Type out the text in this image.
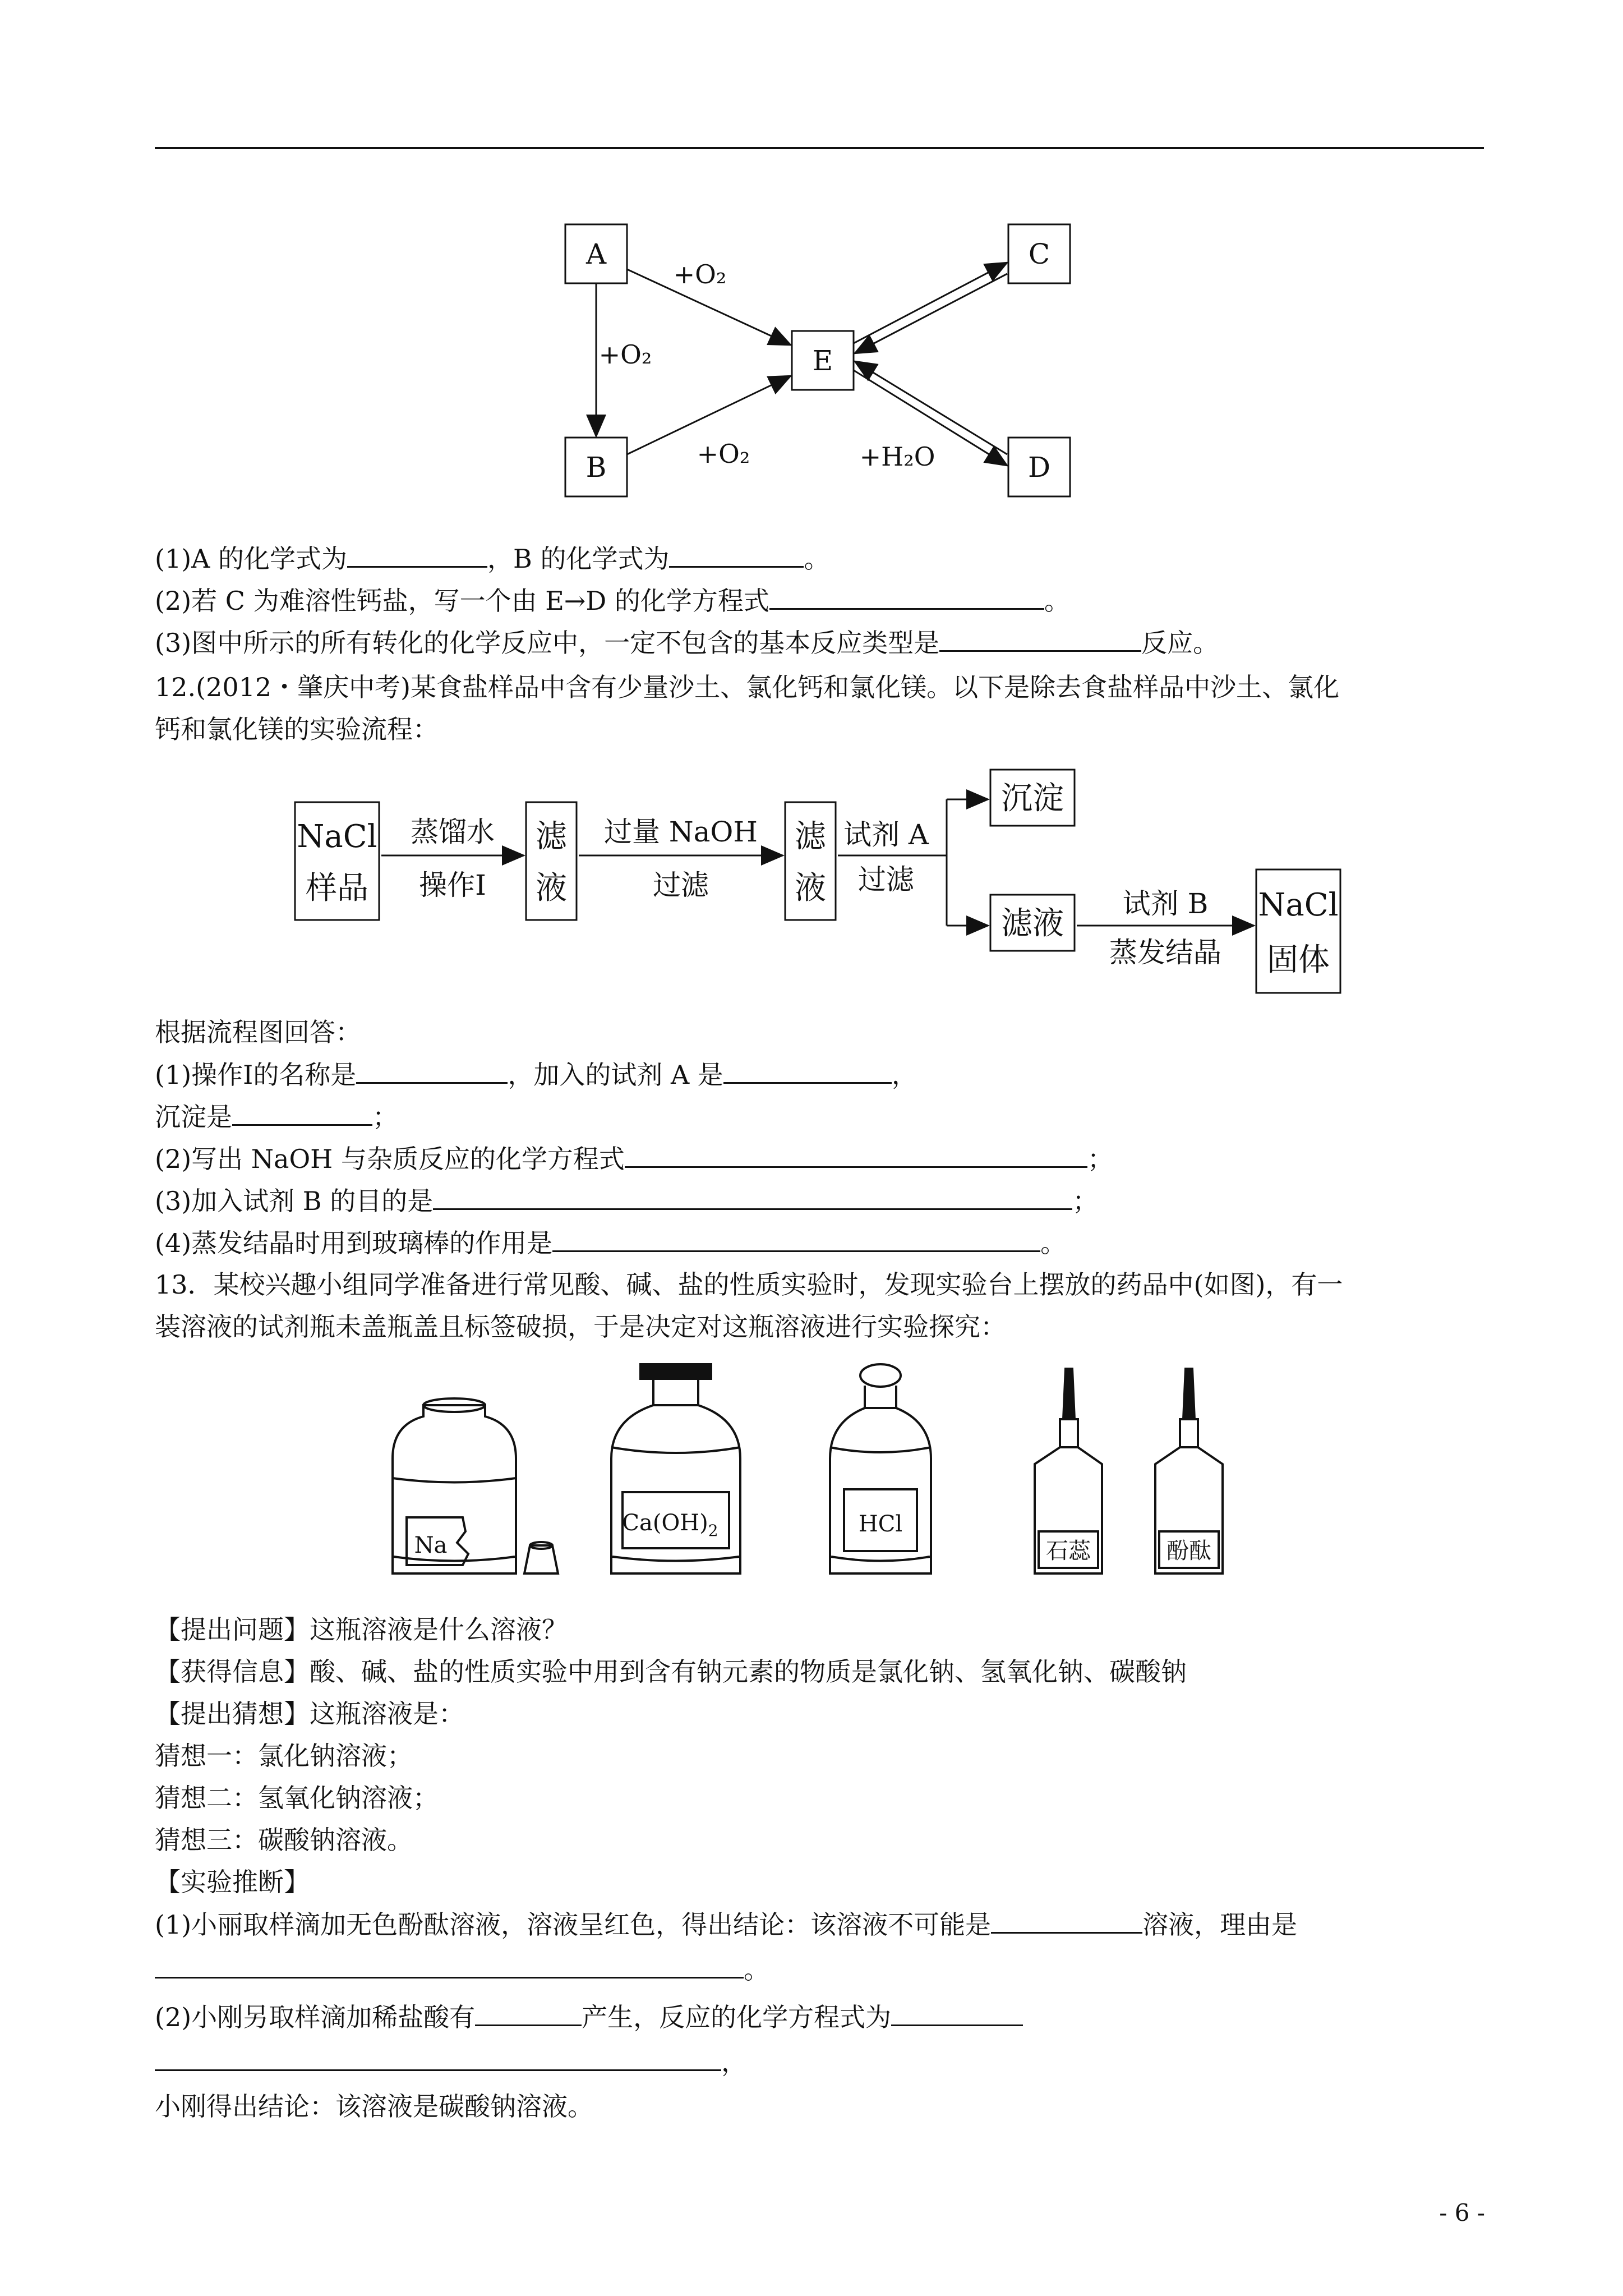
A
B
C
D
E
+O₂
+O₂
+O₂	+H₂O
(1)A 的化学式为	，B 的化学式为	。
(2)若 C 为难溶性钙盐，写一个由 E→D 的化学方程式	。
(3)图中所示的所有转化的化学反应中，一定不包含的基本反应类型是	反应。
12.(2012・肇庆中考)某食盐样品中含有少量沙土、氯化钙和氯化镁。以下是除去食盐样品中沙土、氯化
钙和氯化镁的实验流程：
NaCl
样品
蒸馏水
操作Ⅰ
滤
液
过量 NaOH
过滤
滤
液
试剂 A
过滤
沉淀
滤液
试剂 B
蒸发结晶
NaCl
固体
根据流程图回答：
(1)操作Ⅰ的名称是	，加入的试剂 A 是	，
沉淀是	；
(2)写出 NaOH 与杂质反应的化学方程式	；
(3)加入试剂 B 的目的是	；
(4)蒸发结晶时用到玻璃棒的作用是	。
13．某校兴趣小组同学准备进行常见酸、碱、盐的性质实验时，发现实验台上摆放的药品中(如图)，有一
装溶液的试剂瓶未盖瓶盖且标签破损，于是决定对这瓶溶液进行实验探究：
Na
$Ca(OH)_2$	HCl
石蕊	酚酞
【提出问题】这瓶溶液是什么溶液？
【获得信息】酸、碱、盐的性质实验中用到含有钠元素的物质是氯化钠、氢氧化钠、碳酸钠
【提出猜想】这瓶溶液是：
猜想一：氯化钠溶液；
猜想二：氢氧化钠溶液；
猜想三：碳酸钠溶液。
【实验推断】
(1)小丽取样滴加无色酚酞溶液，溶液呈红色，得出结论：该溶液不可能是	溶液，理由是
。
(2)小刚另取样滴加稀盐酸有	产生，反应的化学方程式为
，
小刚得出结论：该溶液是碳酸钠溶液。
- 6 -
